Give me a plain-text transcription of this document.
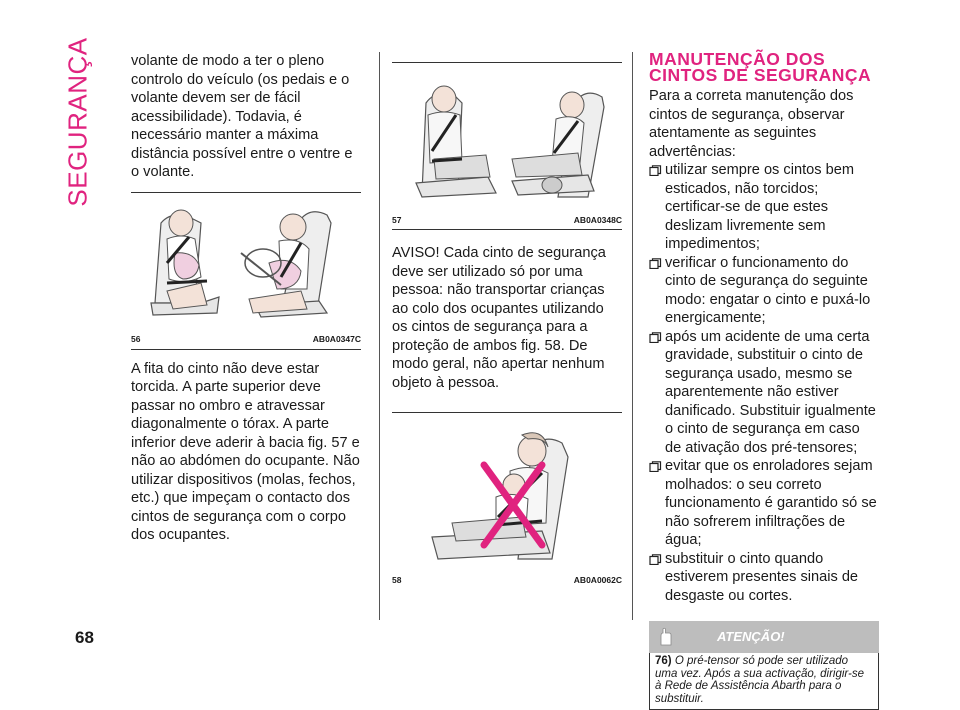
SEGURANÇA	volante de modo a ter o pleno controlo do veículo (os pedais e o volante devem ser de fácil acessibilidade). Todavia, é necessário manter a máxima distância possível entre o ventre e o volante.

56	AB0A0347C

A fita do cinto não deve estar torcida. A parte superior deve passar no ombro e atravessar diagonalmente o tórax. A parte inferior deve aderir à bacia fig. 57 e não ao abdómen do ocupante. Não utilizar dispositivos (molas, fechos, etc.) que impeçam o contacto dos cintos de segurança com o corpo dos ocupantes.

57	AB0A0348C

AVISO! Cada cinto de segurança deve ser utilizado só por uma pessoa: não transportar crianças ao colo dos ocupantes utilizando os cintos de segurança para a proteção de ambos fig. 58. De modo geral, não apertar nenhum objeto à pessoa.

58	AB0A0062C
MANUTENÇÃO DOS
CINTOS DE SEGURANÇA

Para a correta manutenção dos cintos de segurança, observar atentamente as seguintes advertências:

utilizar sempre os cintos bem esticados, não torcidos; certificar-se de que estes deslizam livremente sem impedimentos;
verificar o funcionamento do cinto de segurança do seguinte modo: engatar o cinto e puxá-lo energicamente;
após um acidente de uma certa gravidade, substituir o cinto de segurança usado, mesmo se aparentemente não estiver danificado. Substituir igualmente o cinto de segurança em caso de ativação dos pré-tensores;
evitar que os enroladores sejam molhados: o seu correto funcionamento é garantido só se não sofrerem infiltrações de água;
substituir o cinto quando estiverem presentes sinais de desgaste ou cortes.
ATENÇÃO!
76) O pré-tensor só pode ser utilizado uma vez. Após a sua activação, dirigir-se à Rede de Assistência Abarth para o substituir.
68
